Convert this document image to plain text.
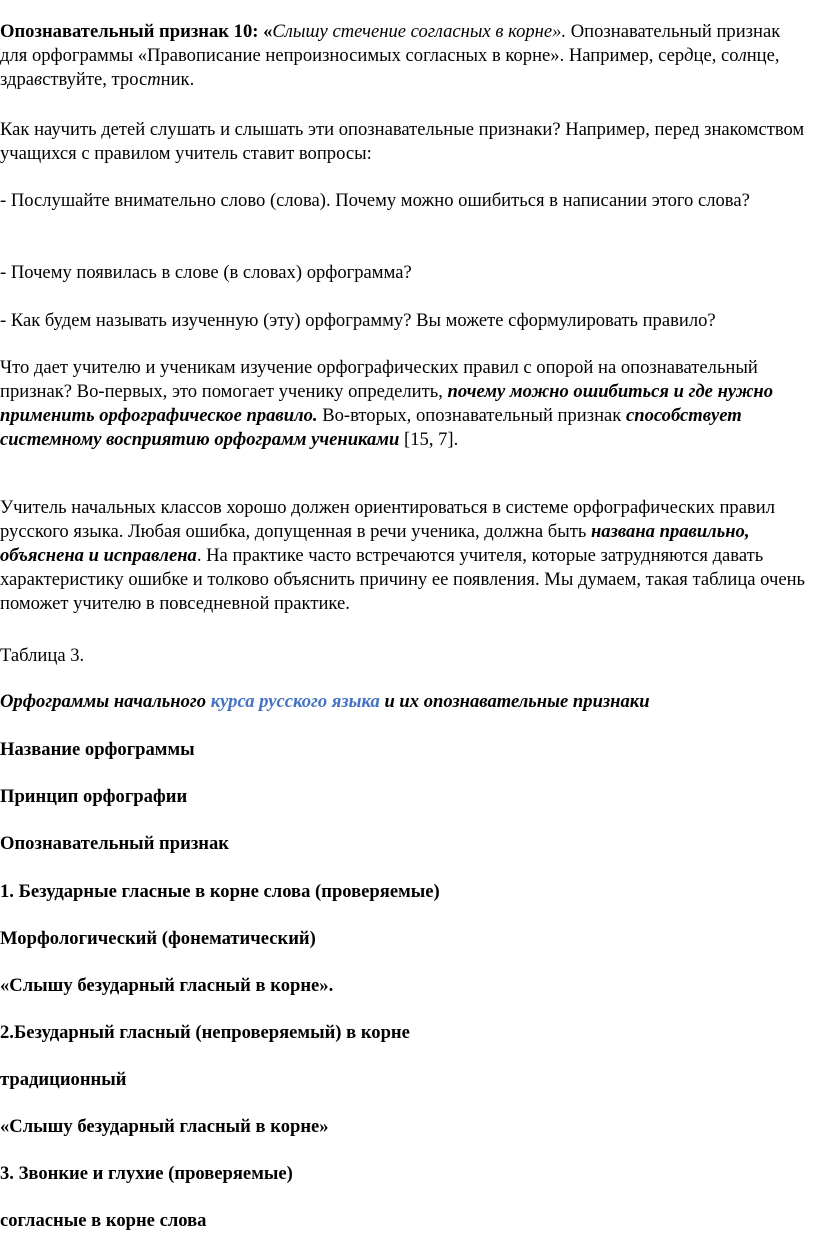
Опознавательный признак 10: «Слышу стечение согласных в корне». Опознавательный признак для орфограммы «Правописание непроизносимых согласных в корне». Например, сердце, солнце, здравствуйте, тростник.

Как научить детей слушать и слышать эти опознавательные признаки? Например, перед знакомством учащихся с правилом учитель ставит вопросы:

- Послушайте внимательно слово (слова). Почему можно ошибиться в написании этого слова?

- Почему появилась в слове (в словах) орфограмма?

- Как будем называть изученную (эту) орфограмму? Вы можете сформулировать правило?

Что дает учителю и ученикам изучение орфографических правил с опорой на опознавательный признак? Во-первых, это помогает ученику определить, почему можно ошибиться и где нужно применить орфографическое правило. Во-вторых, опознавательный признак способствует системному восприятию орфограмм учениками [15, 7].

Учитель начальных классов хорошо должен ориентироваться в системе орфографических правил русского языка. Любая ошибка, допущенная в речи ученика, должна быть названа правильно, объяснена и исправлена. На практике часто встречаются учителя, которые затрудняются давать характеристику ошибке и толково объяснить причину ее появления. Мы думаем, такая таблица очень поможет учителю в повседневной практике.

Таблица 3.

Орфограммы начального курса русского языка и их опознавательные признаки

Название орфограммы

Принцип орфографии

Опознавательный признак

1. Безударные гласные в корне слова (проверяемые)

Морфологический (фонематический)

«Слышу безударный гласный в корне».

2.Безударный гласный (непроверяемый) в корне

традиционный

«Слышу безударный гласный в корне»

3. Звонкие и глухие (проверяемые)

согласные в корне слова
